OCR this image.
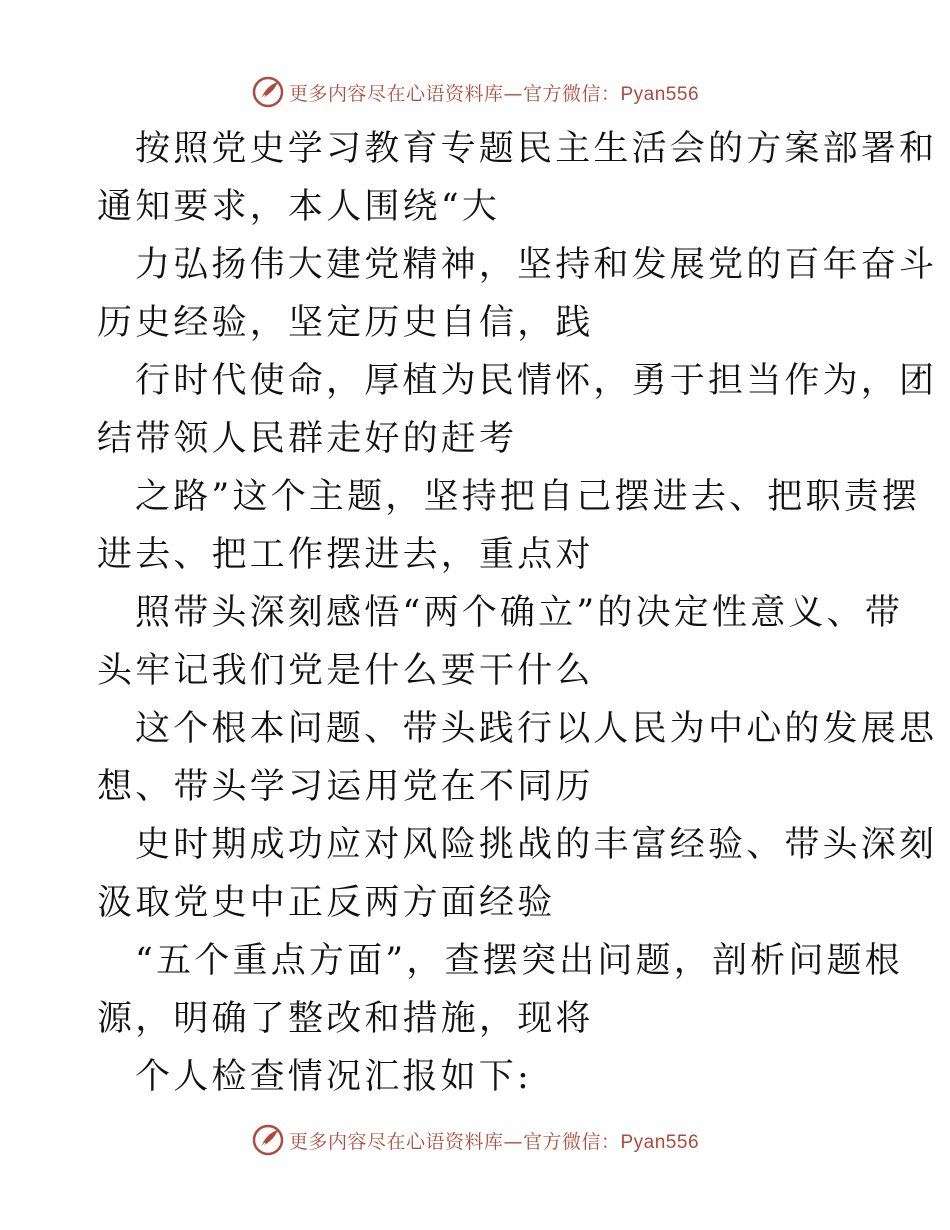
更多内容尽在心语资料库—官方微信：Pyan556
按照党史学习教育专题民主生活会的方案部署和
通知要求，本人围绕“大
力弘扬伟大建党精神，坚持和发展党的百年奋斗
历史经验，坚定历史自信，践
行时代使命，厚植为民情怀，勇于担当作为，团
结带领人民群走好的赶考
之路”这个主题，坚持把自己摆进去、把职责摆
进去、把工作摆进去，重点对
照带头深刻感悟“两个确立”的决定性意义、带
头牢记我们党是什么要干什么
这个根本问题、带头践行以人民为中心的发展思
想、带头学习运用党在不同历
史时期成功应对风险挑战的丰富经验、带头深刻
汲取党史中正反两方面经验
“五个重点方面”，查摆突出问题，剖析问题根
源，明确了整改和措施，现将
个人检查情况汇报如下:
更多内容尽在心语资料库—官方微信：Pyan556
